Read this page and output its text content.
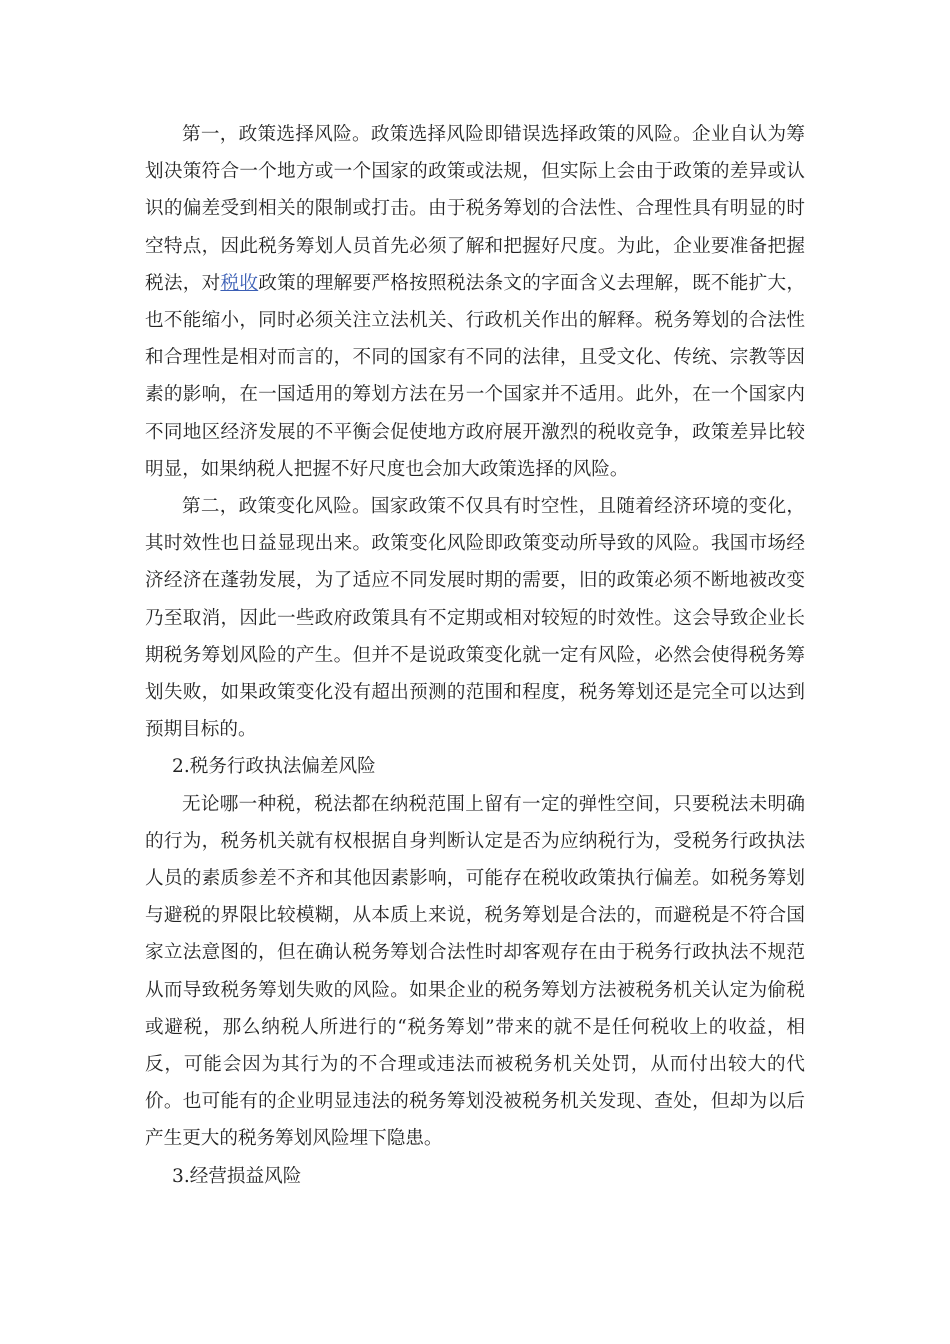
第一，政策选择风险。政策选择风险即错误选择政策的风险。企业自认为筹划决策符合一个地方或一个国家的政策或法规，但实际上会由于政策的差异或认识的偏差受到相关的限制或打击。由于税务筹划的合法性、合理性具有明显的时空特点，因此税务筹划人员首先必须了解和把握好尺度。为此，企业要准备把握税法，对税收政策的理解要严格按照税法条文的字面含义去理解，既不能扩大，也不能缩小，同时必须关注立法机关、行政机关作出的解释。税务筹划的合法性和合理性是相对而言的，不同的国家有不同的法律，且受文化、传统、宗教等因素的影响，在一国适用的筹划方法在另一个国家并不适用。此外，在一个国家内不同地区经济发展的不平衡会促使地方政府展开激烈的税收竞争，政策差异比较明显，如果纳税人把握不好尺度也会加大政策选择的风险。

第二，政策变化风险。国家政策不仅具有时空性，且随着经济环境的变化，其时效性也日益显现出来。政策变化风险即政策变动所导致的风险。我国市场经济经济在蓬勃发展，为了适应不同发展时期的需要，旧的政策必须不断地被改变乃至取消，因此一些政府政策具有不定期或相对较短的时效性。这会导致企业长期税务筹划风险的产生。但并不是说政策变化就一定有风险，必然会使得税务筹划失败，如果政策变化没有超出预测的范围和程度，税务筹划还是完全可以达到预期目标的。

2.税务行政执法偏差风险

无论哪一种税，税法都在纳税范围上留有一定的弹性空间，只要税法未明确的行为，税务机关就有权根据自身判断认定是否为应纳税行为，受税务行政执法人员的素质参差不齐和其他因素影响，可能存在税收政策执行偏差。如税务筹划与避税的界限比较模糊，从本质上来说，税务筹划是合法的，而避税是不符合国家立法意图的，但在确认税务筹划合法性时却客观存在由于税务行政执法不规范从而导致税务筹划失败的风险。如果企业的税务筹划方法被税务机关认定为偷税或避税，那么纳税人所进行的“税务筹划”带来的就不是任何税收上的收益，相反，可能会因为其行为的不合理或违法而被税务机关处罚，从而付出较大的代价。也可能有的企业明显违法的税务筹划没被税务机关发现、查处，但却为以后产生更大的税务筹划风险埋下隐患。

3.经营损益风险
